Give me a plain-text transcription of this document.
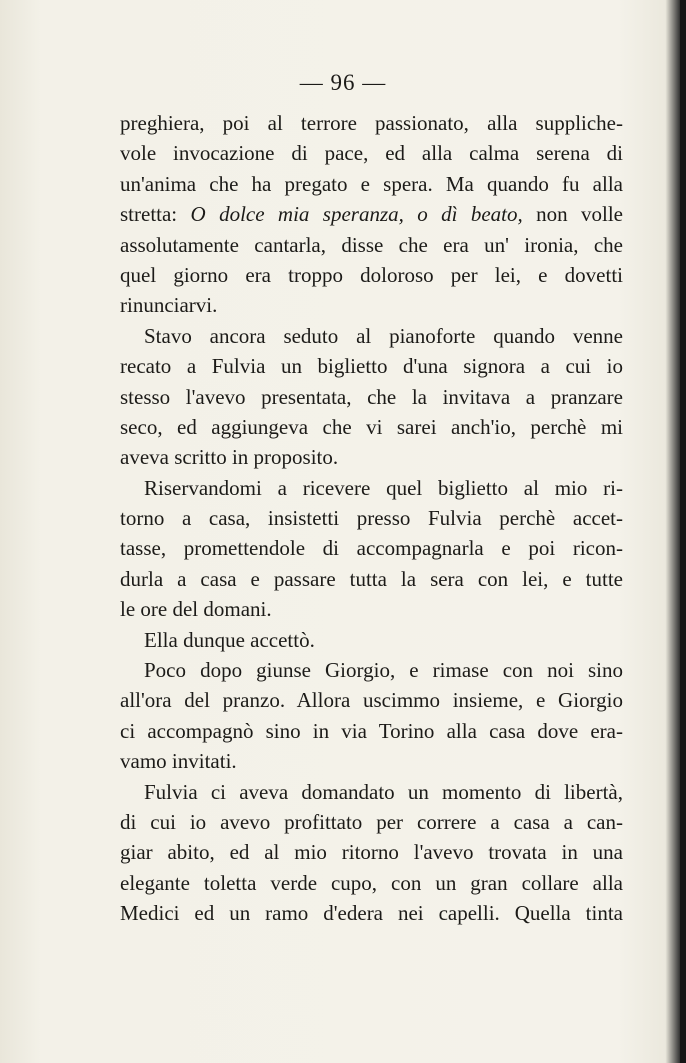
— 96 —
preghiera, poi al terrore passionato, alla suppliche-
vole invocazione di pace, ed alla calma serena di
un'anima che ha pregato e spera. Ma quando fu alla
stretta: O dolce mia speranza, o dì beato, non volle
assolutamente cantarla, disse che era un' ironia, che
quel giorno era troppo doloroso per lei, e dovetti
rinunciarvi.
Stavo ancora seduto al pianoforte quando venne
recato a Fulvia un biglietto d'una signora a cui io
stesso l'avevo presentata, che la invitava a pranzare
seco, ed aggiungeva che vi sarei anch'io, perchè mi
aveva scritto in proposito.
Riservandomi a ricevere quel biglietto al mio ri-
torno a casa, insistetti presso Fulvia perchè accet-
tasse, promettendole di accompagnarla e poi ricon-
durla a casa e passare tutta la sera con lei, e tutte
le ore del domani.
Ella dunque accettò.
Poco dopo giunse Giorgio, e rimase con noi sino
all'ora del pranzo. Allora uscimmo insieme, e Giorgio
ci accompagnò sino in via Torino alla casa dove era-
vamo invitati.
Fulvia ci aveva domandato un momento di libertà,
di cui io avevo profittato per correre a casa a can-
giar abito, ed al mio ritorno l'avevo trovata in una
elegante toletta verde cupo, con un gran collare alla
Medici ed un ramo d'edera nei capelli. Quella tinta
